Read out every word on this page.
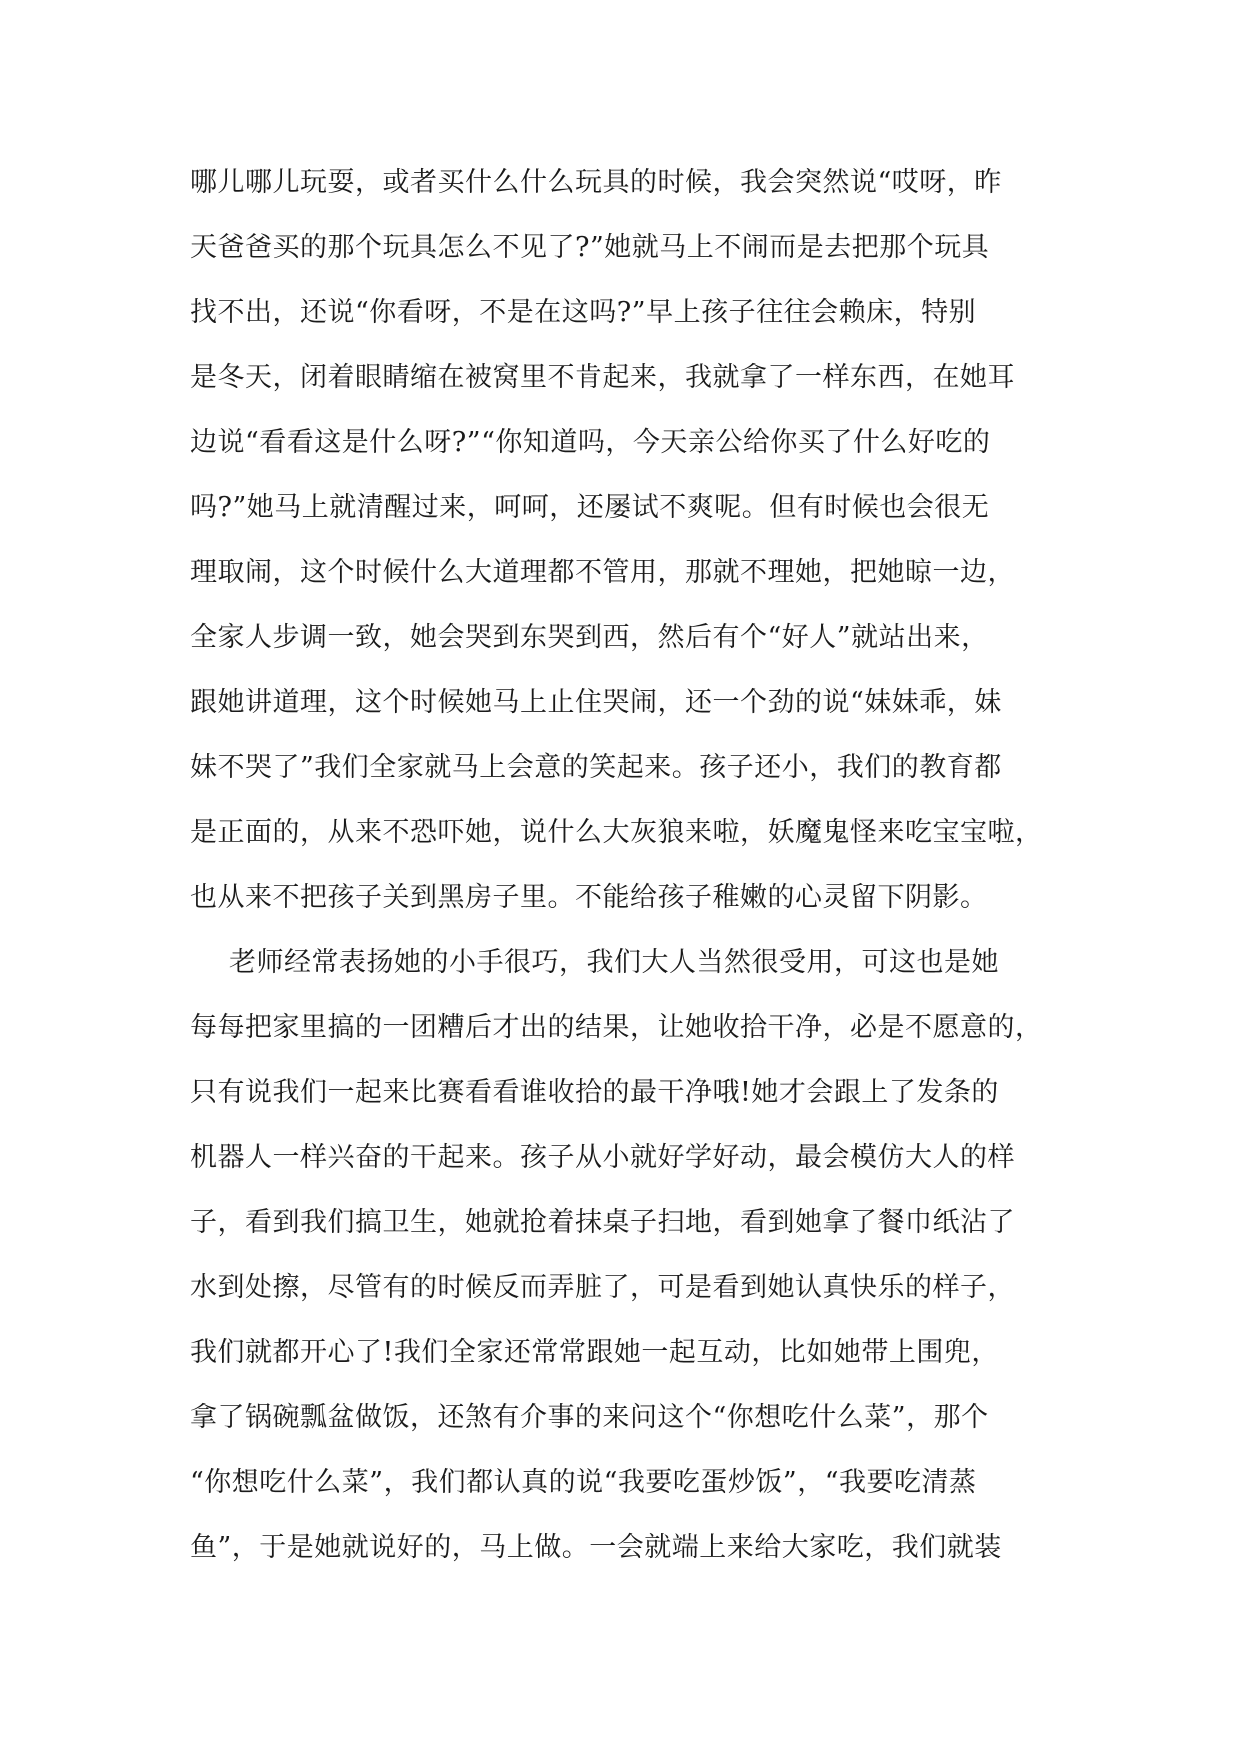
哪儿哪儿玩耍，或者买什么什么玩具的时候，我会突然说“哎呀，昨
天爸爸买的那个玩具怎么不见了?”她就马上不闹而是去把那个玩具
找不出，还说“你看呀，不是在这吗?”早上孩子往往会赖床，特别
是冬天，闭着眼睛缩在被窝里不肯起来，我就拿了一样东西，在她耳
边说“看看这是什么呀?”“你知道吗，今天亲公给你买了什么好吃的
吗?”她马上就清醒过来，呵呵，还屡试不爽呢。但有时候也会很无
理取闹，这个时候什么大道理都不管用，那就不理她，把她晾一边，
全家人步调一致，她会哭到东哭到西，然后有个“好人”就站出来，
跟她讲道理，这个时候她马上止住哭闹，还一个劲的说“妹妹乖，妹
妹不哭了”我们全家就马上会意的笑起来。孩子还小，我们的教育都
是正面的，从来不恐吓她，说什么大灰狼来啦，妖魔鬼怪来吃宝宝啦，
也从来不把孩子关到黑房子里。不能给孩子稚嫩的心灵留下阴影。
老师经常表扬她的小手很巧，我们大人当然很受用，可这也是她
每每把家里搞的一团糟后才出的结果，让她收拾干净，必是不愿意的，
只有说我们一起来比赛看看谁收拾的最干净哦!她才会跟上了发条的
机器人一样兴奋的干起来。孩子从小就好学好动，最会模仿大人的样
子，看到我们搞卫生，她就抢着抹桌子扫地，看到她拿了餐巾纸沾了
水到处擦，尽管有的时候反而弄脏了，可是看到她认真快乐的样子，
我们就都开心了!我们全家还常常跟她一起互动，比如她带上围兜，
拿了锅碗瓢盆做饭，还煞有介事的来问这个“你想吃什么菜”，那个
“你想吃什么菜”，我们都认真的说“我要吃蛋炒饭”，“我要吃清蒸
鱼”，于是她就说好的，马上做。一会就端上来给大家吃，我们就装
